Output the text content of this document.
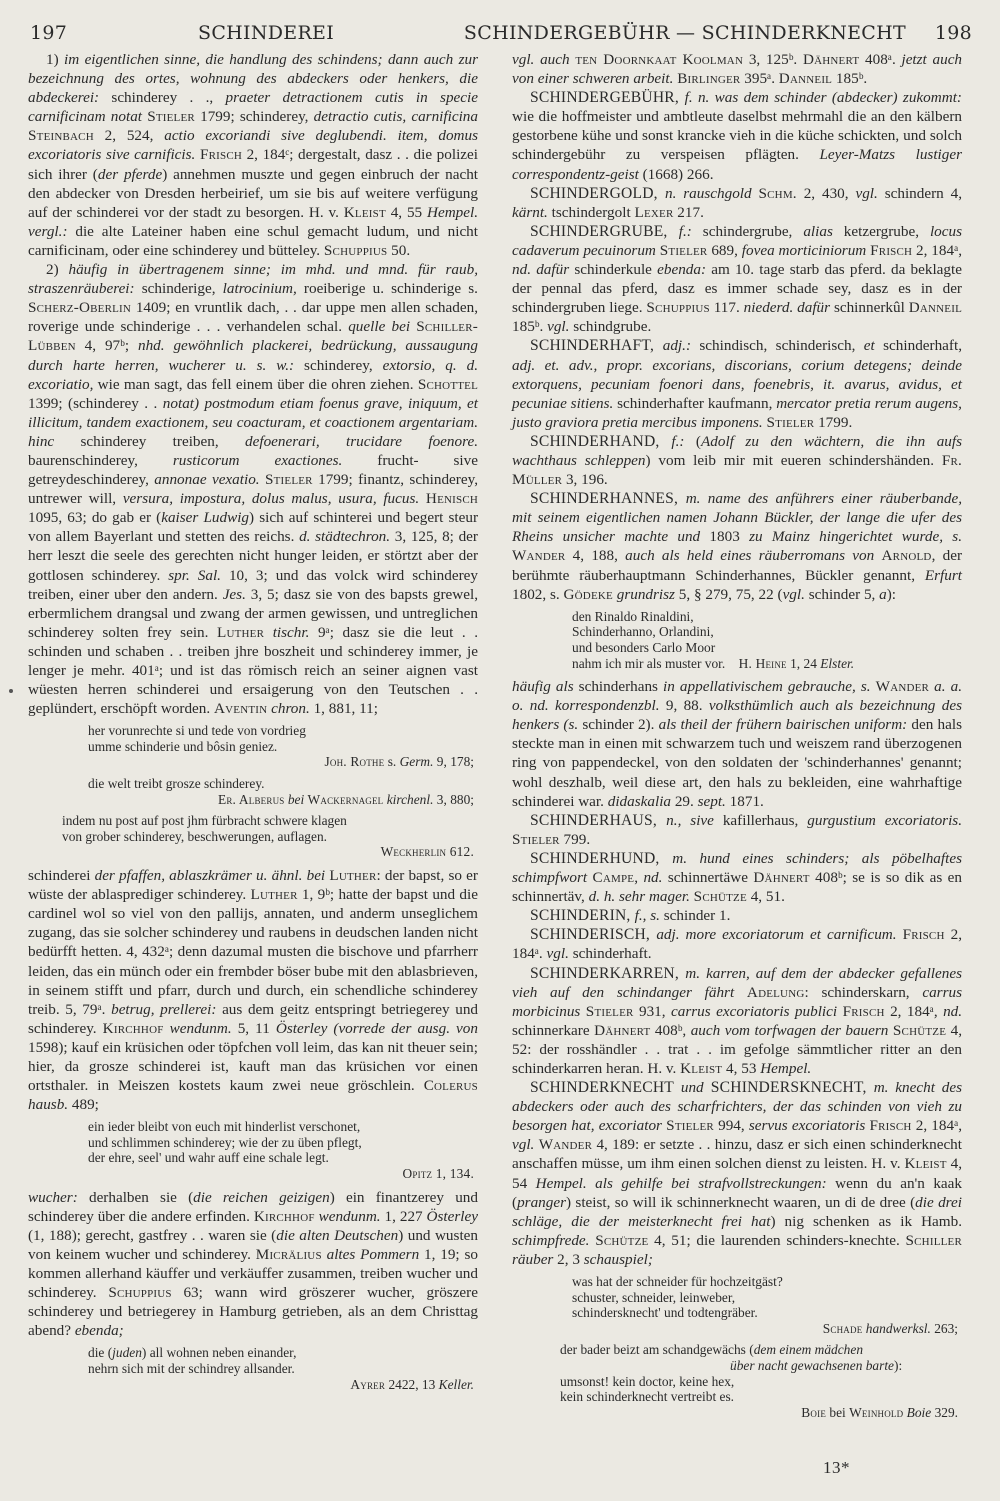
197	SCHINDEREI	SCHINDERGEBÜHR — SCHINDERKNECHT 198

1) im eigentlichen sinne, die handlung des schindens; dann auch zur bezeichnung des ortes, wohnung des abdeckers oder henkers, die abdeckerei: schinderey . ., praeter detractionem cutis in specie carnificinam notat Stieler 1799; schinderey, detractio cutis, carnificina Steinbach 2, 524, actio excoriandi sive deglubendi. item, domus excoriatoris sive carnificis. Frisch 2, 184ᶜ; dergestalt, dasz . . die polizei sich ihrer (der pferde) annehmen muszte und gegen einbruch der nacht den abdecker von Dresden herbeirief, um sie bis auf weitere verfügung auf der schinderei vor der stadt zu besorgen. H. v. Kleist 4, 55 Hempel. vergl.: die alte Lateiner haben eine schul gemacht ludum, und nicht carnificinam, oder eine schinderey und bütteley. Schuppius 50.

2) häufig in übertragenem sinne; im mhd. und mnd. für raub, straszenräuberei: schinderige, latrocinium, roeiberige u. schinderige s. Scherz-Oberlin 1409; en vruntlik dach, . . dar uppe men allen schaden, roverige unde schinderige . . . verhandelen schal. quelle bei Schiller-Lübben 4, 97ᵇ; nhd. gewöhnlich plackerei, bedrückung, aussaugung durch harte herren, wucherer u. s. w.: schinderey, extorsio, q. d. excoriatio, wie man sagt, das fell einem über die ohren ziehen. Schottel 1399; (schinderey . . notat) postmodum etiam foenus grave, iniquum, et illicitum, tandem exactionem, seu coacturam, et coactionem argentariam. hinc schinderey treiben, defoenerari, trucidare foenore. baurenschinderey, rusticorum exactiones. frucht- sive getreydeschinderey, annonae vexatio. Stieler 1799; finantz, schinderey, untrewer will, versura, impostura, dolus malus, usura, fucus. Henisch 1095, 63; do gab er (kaiser Ludwig) sich auf schinterei und begert steur von allem Bayerlant und stetten des reichs. d. städtechron. 3, 125, 8; der herr leszt die seele des gerechten nicht hunger leiden, er störtzt aber der gottlosen schinderey. spr. Sal. 10, 3; und das volck wird schinderey treiben, einer uber den andern. Jes. 3, 5; dasz sie von des bapsts grewel, erbermlichem drangsal und zwang der armen gewissen, und untreglichen schinderey solten frey sein. Luther tischr. 9ᵃ; dasz sie die leut . . schinden und schaben . . treiben jhre boszheit und schinderey immer, je lenger je mehr. 401ᵃ; und ist das römisch reich an seiner aignen vast wüesten herren schinderei und ersaigerung von den Teutschen . . geplündert, erschöpft worden. Aventin chron. 1, 881, 11;

her vorunrechte si und tede von vordrieg
umme schinderie und bôsin geniez.
Joh. Rothe s. Germ. 9, 178;
die welt treibt grosze schinderey.
Er. Alberus bei Wackernagel kirchenl. 3, 880;
indem nu post auf post jhm fürbracht schwere klagen
von grober schinderey, beschwerungen, auflagen.
Weckherlin 612.

schinderei der pfaffen, ablaszkrämer u. ähnl. bei Luther: der bapst, so er wüste der ablasprediger schinderey. Luther 1, 9ᵇ; hatte der bapst und die cardinel wol so viel von den pallijs, annaten, und anderm unseglichem zugang, das sie solcher schinderey und raubens in deudschen landen nicht bedürfft hetten. 4, 432ᵃ; denn dazumal musten die bischove und pfarrherr leiden, das ein münch oder ein frembder böser bube mit den ablasbrieven, in seinem stifft und pfarr, durch und durch, ein schendliche schinderey treib. 5, 79ᵃ. betrug, prellerei: aus dem geitz entspringt betriegerey und schinderey. Kirchhof wendunm. 5, 11 Österley (vorrede der ausg. von 1598); kauf ein krüsichen oder töpfchen voll leim, das kan nit theuer sein; hier, da grosze schinderei ist, kauft man das krüsichen vor einen ortsthaler. in Meiszen kostets kaum zwei neue gröschlein. Colerus hausb. 489;

ein ieder bleibt von euch mit hinderlist verschonet,
und schlimmen schinderey; wie der zu üben pflegt,
der ehre, seel' und wahr auff eine schale legt.
Opitz 1, 134.

wucher: derhalben sie (die reichen geizigen) ein finantzerey und schinderey über die andere erfinden. Kirchhof wendunm. 1, 227 Österley (1, 188); gerecht, gastfrey . . waren sie (die alten Deutschen) und wusten von keinem wucher und schinderey. Micrälius altes Pommern 1, 19; so kommen allerhand käuffer und verkäuffer zusammen, treiben wucher und schinderey. Schuppius 63; wann wird gröszerer wucher, gröszere schinderey und betriegerey in Hamburg getrieben, als an dem Christtag abend? ebenda;

die (juden) all wohnen neben einander,
nehrn sich mit der schindrey allsander.
Ayrer 2422, 13 Keller.

vgl. auch ten Doornkaat Koolman 3, 125ᵇ. Dähnert 408ᵃ. jetzt auch von einer schweren arbeit. Birlinger 395ᵃ. Danneil 185ᵇ.

SCHINDERGEBÜHR, f. n. was dem schinder (abdecker) zukommt: wie die hoffmeister und ambtleute daselbst mehrmahl die an den kälbern gestorbene kühe und sonst krancke vieh in die küche schickten, und solch schindergebühr zu verspeisen pflägten. Leyer-Matzs lustiger correspondentz-geist (1668) 266.

SCHINDERGOLD, n. rauschgold Schm. 2, 430, vgl. schindern 4, kärnt. tschindergolt Lexer 217.

SCHINDERGRUBE, f.: schindergrube, alias ketzergrube, locus cadaverum pecuinorum Stieler 689, fovea morticiniorum Frisch 2, 184ᵃ, nd. dafür schinderkule ebenda: am 10. tage starb das pferd. da beklagte der pennal das pferd, dasz es immer schade sey, dasz es in der schindergruben liege. Schuppius 117. niederd. dafür schinnerkûl Danneil 185ᵇ. vgl. schindgrube.

SCHINDERHAFT, adj.: schindisch, schinderisch, et schinderhaft, adj. et. adv., propr. excorians, discorians, corium detegens; deinde extorquens, pecuniam foenori dans, foenebris, it. avarus, avidus, et pecuniae sitiens. schinderhafter kaufmann, mercator pretia rerum augens, justo graviora pretia mercibus imponens. Stieler 1799.

SCHINDERHAND, f.: (Adolf zu den wächtern, die ihn aufs wachthaus schleppen) vom leib mir mit eueren schindershänden. Fr. Müller 3, 196.

SCHINDERHANNES, m. name des anführers einer räuberbande, mit seinem eigentlichen namen Johann Bückler, der lange die ufer des Rheins unsicher machte und 1803 zu Mainz hingerichtet wurde, s. Wander 4, 188, auch als held eines räuberromans von Arnold, der berühmte räuberhauptmann Schinderhannes, Bückler genannt, Erfurt 1802, s. Gödeke grundrisz 5, § 279, 75, 22 (vgl. schinder 5, a):

den Rinaldo Rinaldini,
Schinderhanno, Orlandini,
und besonders Carlo Moor
nahm ich mir als muster vor. H. Heine 1, 24 Elster.

häufig als schinderhans in appellativischem gebrauche, s. Wander a. a. o. nd. korrespondenzbl. 9, 88. volksthümlich auch als bezeichnung des henkers (s. schinder 2). als theil der frühern bairischen uniform: den hals steckte man in einen mit schwarzem tuch und weiszem rand überzogenen ring von pappendeckel, von den soldaten der 'schinderhannes' genannt; wohl deszhalb, weil diese art, den hals zu bekleiden, eine wahrhaftige schinderei war. didaskalia 29. sept. 1871.

SCHINDERHAUS, n., sive kafillerhaus, gurgustium excoriatoris. Stieler 799.

SCHINDERHUND, m. hund eines schinders; als pöbelhaftes schimpfwort Campe, nd. schinnertäwe Dähnert 408ᵇ; se is so dik as en schinnertäv, d. h. sehr mager. Schütze 4, 51.

SCHINDERIN, f., s. schinder 1.

SCHINDERISCH, adj. more excoriatorum et carnificum. Frisch 2, 184ᵃ. vgl. schinderhaft.

SCHINDERKARREN, m. karren, auf dem der abdecker gefallenes vieh auf den schindanger fährt Adelung: schinderskarn, carrus morbicinus Stieler 931, carrus excoriatoris publici Frisch 2, 184ᵃ, nd. schinnerkare Dähnert 408ᵇ, auch vom torfwagen der bauern Schütze 4, 52: der rosshändler . . trat . . im gefolge sämmtlicher ritter an den schinderkarren heran. H. v. Kleist 4, 53 Hempel.

SCHINDERKNECHT und SCHINDERSKNECHT, m. knecht des abdeckers oder auch des scharfrichters, der das schinden von vieh zu besorgen hat, excoriator Stieler 994, servus excoriatoris Frisch 2, 184ᵃ, vgl. Wander 4, 189: er setzte . . hinzu, dasz er sich einen schinderknecht anschaffen müsse, um ihm einen solchen dienst zu leisten. H. v. Kleist 4, 54 Hempel. als gehilfe bei strafvollstreckungen: wenn du an'n kaak (pranger) steist, so will ik schinnerknecht waaren, un di de dree (die drei schläge, die der meisterknecht frei hat) nig schenken as ik Hamb. schimpfrede. Schütze 4, 51; die laurenden schinders-knechte. Schiller räuber 2, 3 schauspiel;

was hat der schneider für hochzeitgäst?
schuster, schneider, leinweber,
schindersknecht' und todtengräber.
Schade handwerksl. 263;
der bader beizt am schandgewächs (dem einem mädchen
über nacht gewachsenen barte):
umsonst! kein doctor, keine hex,
kein schinderknecht vertreibt es.
Boie bei Weinhold Boie 329.
13*
